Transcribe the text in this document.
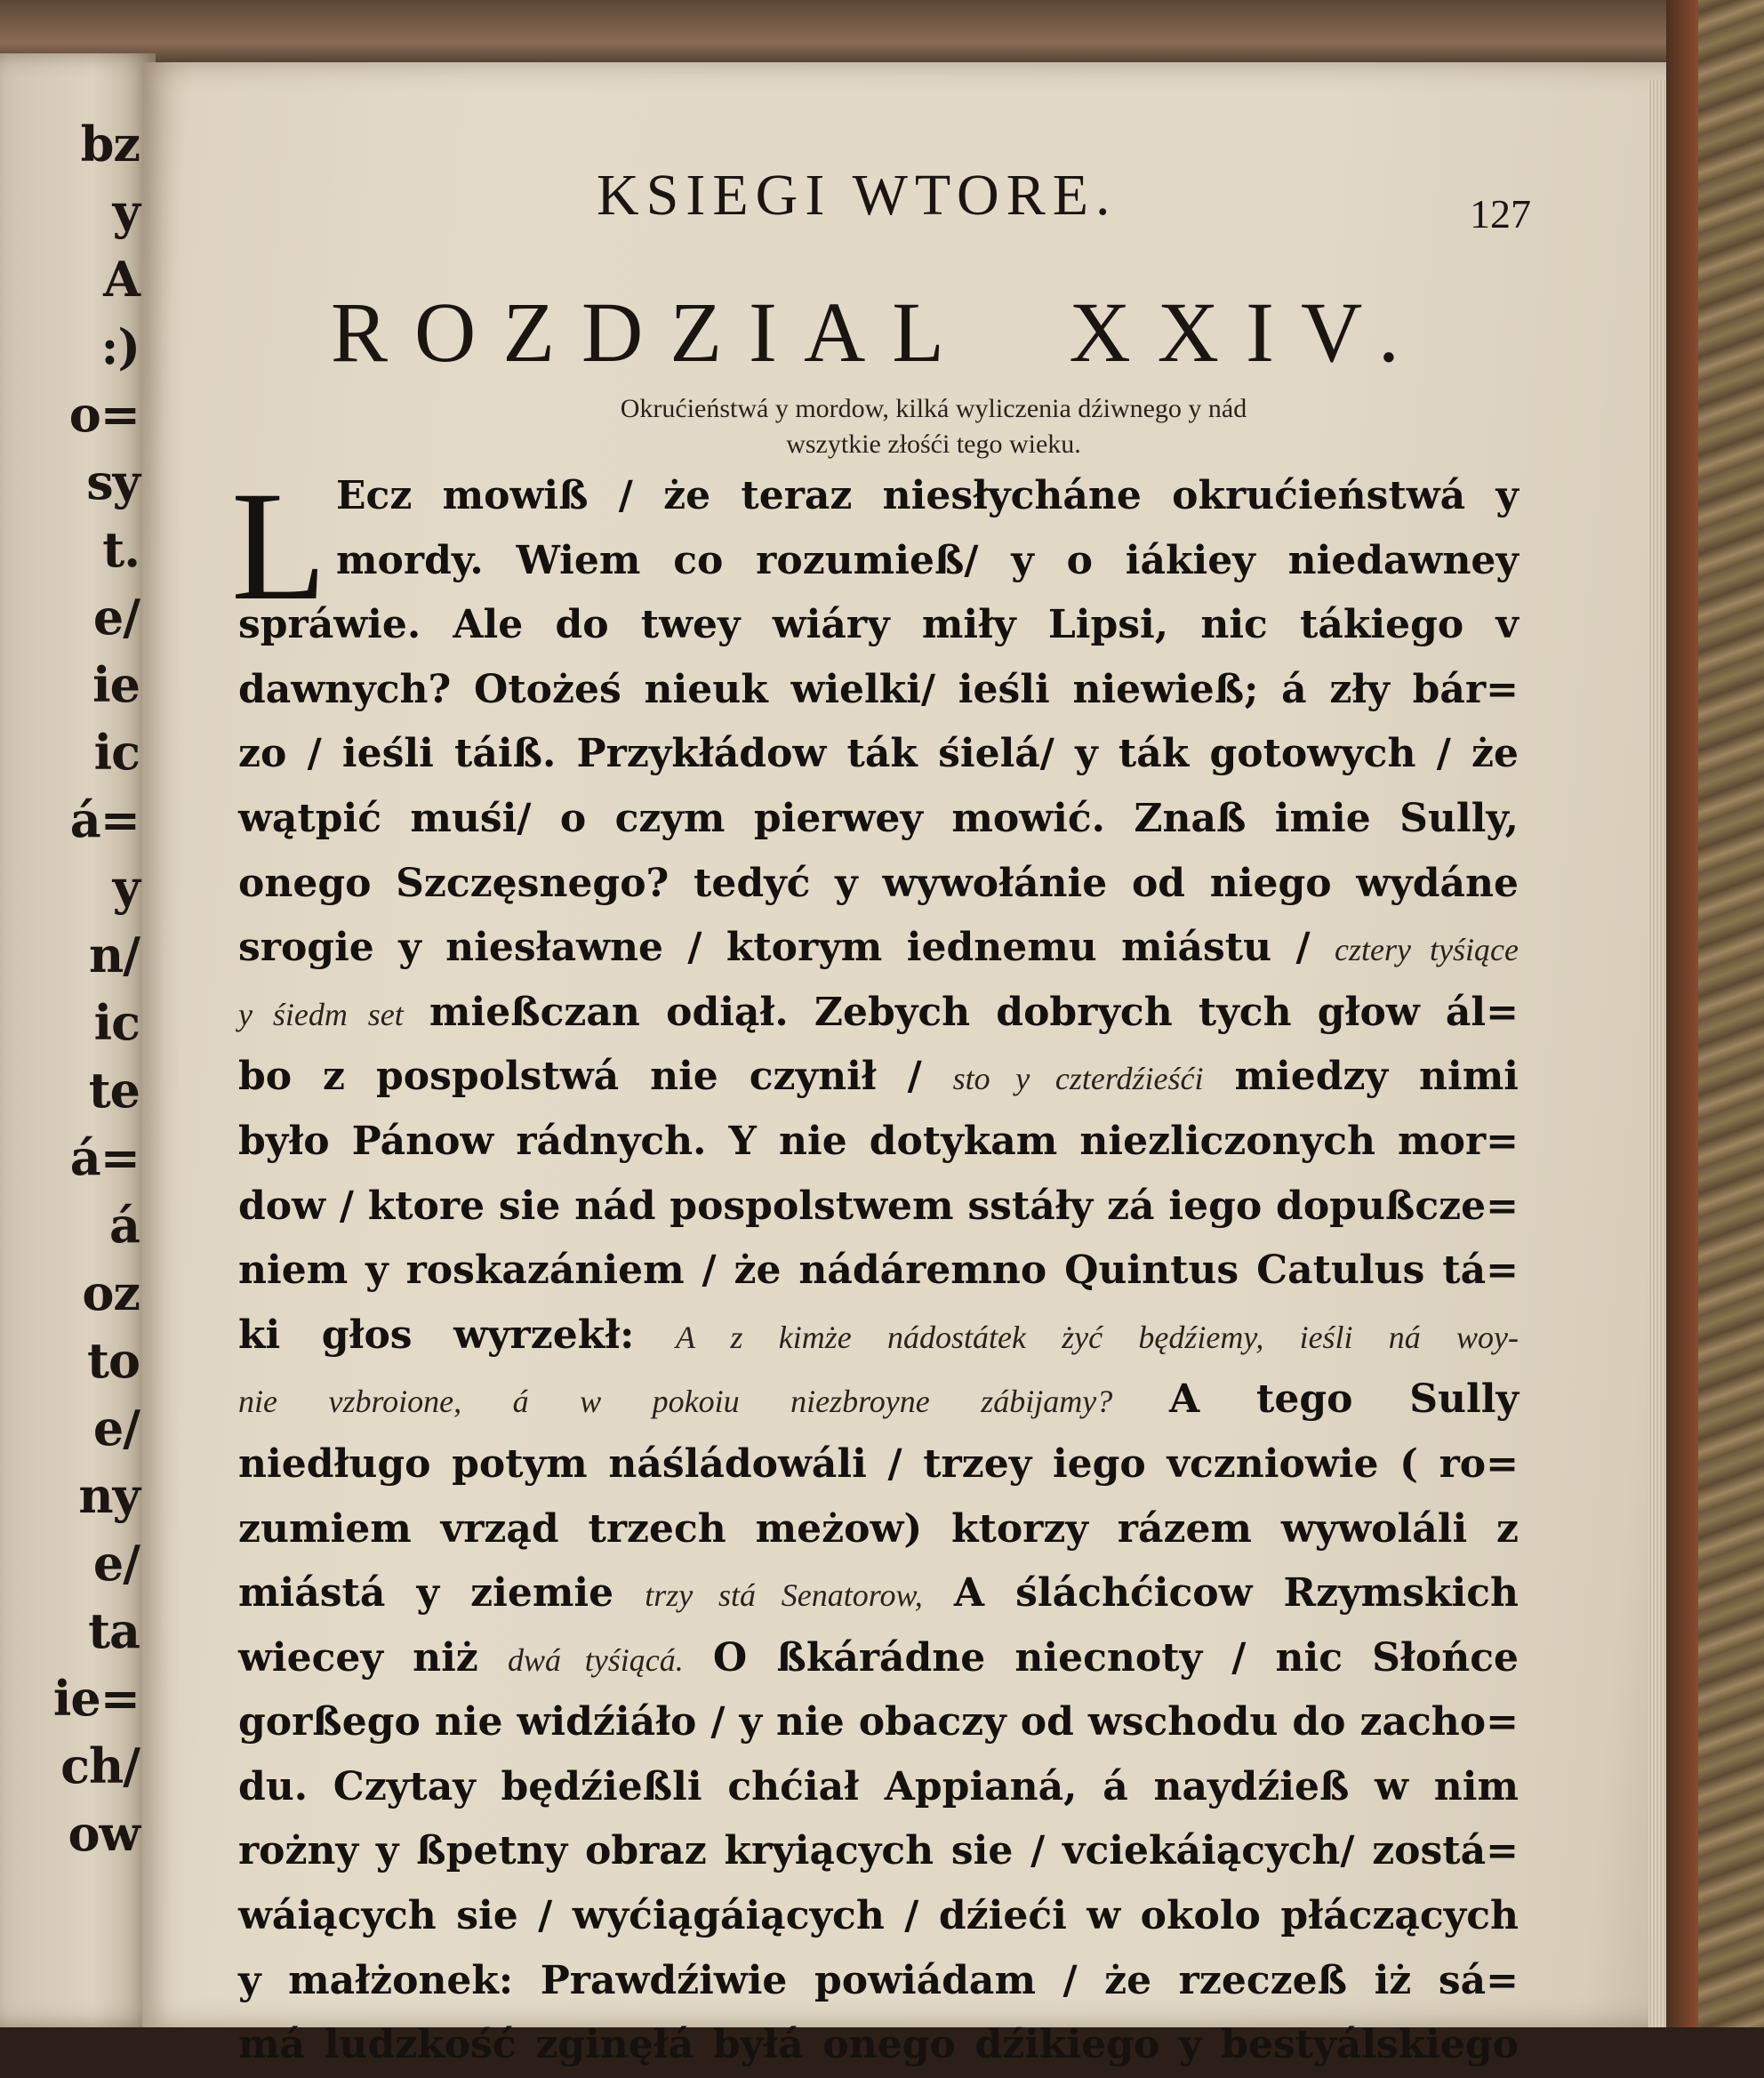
bz
y
A
:)
o=
sy
t.
e/
ie
ic
á=
y
n/
ic
te
á=
á
oz
to
e/
ny
e/
ta
ie=
ch/
ow
KSIEGI WTORE.	127
ROZDZIAL XXIV.
Okrućieństwá y mordow, kilká wyliczenia dźiwnego y nád
wszytkie złośći tego wieku.
L Ecz mowiß / że teraz niesłycháne okrućieństwá y
mordy. Wiem co rozumieß/ y o iákiey niedawney
spráwie. Ale do twey wiáry miły Lipsi, nic tákiego v
dawnych? Otożeś nieuk wielki/ ieśli niewieß; á zły bár=
zo / ieśli táiß. Przykłádow ták śielá/ y ták gotowych / że
wątpić muśi/ o czym pierwey mowić. Znaß imie Sully,
onego Szczęsnego? tedyć y wywołánie od niego wydáne
srogie y niesławne / ktorym iednemu miástu / cztery tyśiące
y śiedm set mießczan odiął. Zebych dobrych tych głow ál=
bo z pospolstwá nie czynił / sto y czterdźieśći miedzy nimi
było Pánow rádnych. Y nie dotykam niezliczonych mor=
dow / ktore sie nád pospolstwem sstáły zá iego dopußcze=
niem y roskazániem / że nádáremno Quintus Catulus tá=
ki głos wyrzekł: A z kimże nádostátek żyć będźiemy, ieśli ná woy-
nie vzbroione, á w pokoiu niezbroyne zábijamy? A tego Sully
niedługo potym náśládowáli / trzey iego vczniowie ( ro=
zumiem vrząd trzech meżow) ktorzy rázem wywoláli z
miástá y ziemie trzy stá Senatorow, A śláchćicow Rzymskich
wiecey niż dwá tyśiącá. O ßkárádne niecnoty / nic Słońce
gorßego nie widźiáło / y nie obaczy od wschodu do zacho=
du. Czytay będźießli chćiał Appianá, á naydźieß w nim
rożny y ßpetny obraz kryiących sie / vciekáiących/ zostá=
wáiących sie / wyćiągáiących / dźieći w okolo płáczących
y małżonek: Prawdźiwie powiádam / że rzeczeß iż sá=
má ludzkość zginęłá byłá onego dźikiego y bestyálskiego
